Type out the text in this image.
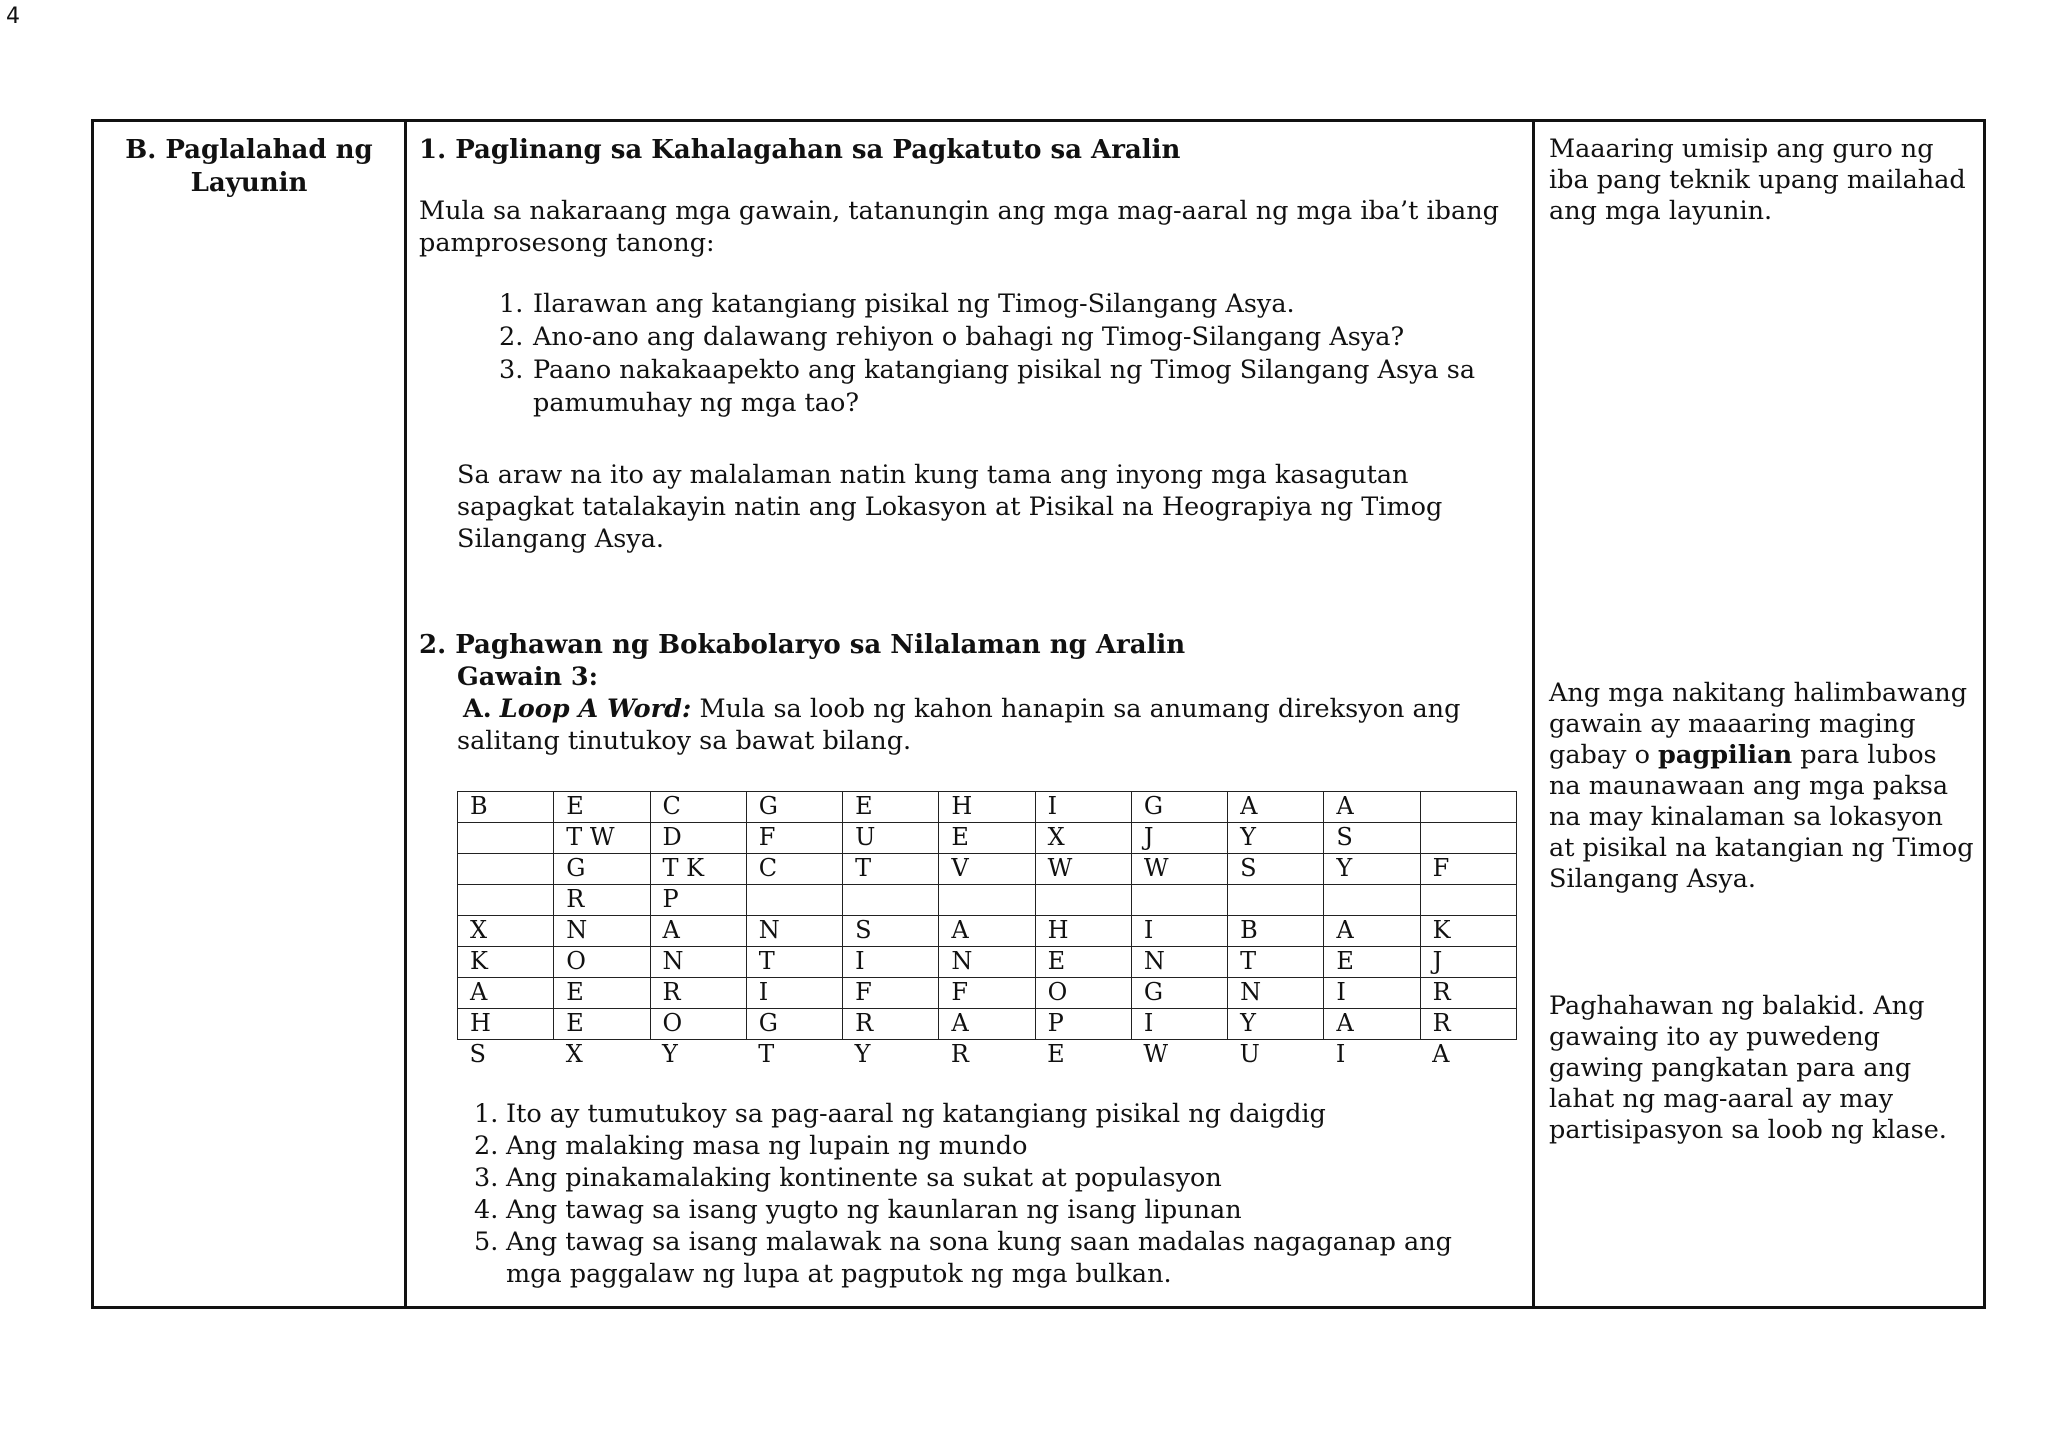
4
B. Paglalahad ng
Layunin
1. Paglinang sa Kahalagahan sa Pagkatuto sa Aralin
Mula sa nakaraang mga gawain, tatanungin ang mga mag-aaral ng mga iba’t ibang pamprosesong tanong:
1. Ilarawan ang katangiang pisikal ng Timog-Silangang Asya.
2. Ano-ano ang dalawang rehiyon o bahagi ng Timog-Silangang Asya?
3. Paano nakakaapekto ang katangiang pisikal ng Timog Silangang Asya sa pamumuhay ng mga tao?
Sa araw na ito ay malalaman natin kung tama ang inyong mga kasagutan sapagkat tatalakayin natin ang Lokasyon at Pisikal na Heograpiya ng Timog Silangang Asya.
2. Paghawan ng Bokabolaryo sa Nilalaman ng Aralin
Gawain 3:
A. Loop A Word: Mula sa loob ng kahon hanapin sa anumang direksyon ang salitang tinutukoy sa bawat bilang.
B	E	C	G	E	H	I	G	A	A	
	T W	D	F	U	E	X	J	Y	S	
	G	T K	C	T	V	W	W	S	Y	F
	R	P								
X	N	A	N	S	A	H	I	B	A	K
K	O	N	T	I	N	E	N	T	E	J
A	E	R	I	F	F	O	G	N	I	R
H	E	O	G	R	A	P	I	Y	A	R
S	X	Y	T	Y	R	E	W	U	I	A
1. Ito ay tumutukoy sa pag-aaral ng katangiang pisikal ng daigdig
2. Ang malaking masa ng lupain ng mundo
3. Ang pinakamalaking kontinente sa sukat at populasyon
4. Ang tawag sa isang yugto ng kaunlaran ng isang lipunan
5. Ang tawag sa isang malawak na sona kung saan madalas nagaganap ang mga paggalaw ng lupa at pagputok ng mga bulkan.
Maaaring umisip ang guro ng iba pang teknik upang mailahad ang mga layunin.
Ang mga nakitang halimbawang gawain ay maaaring maging gabay o pagpilian para lubos na maunawaan ang mga paksa na may kinalaman sa lokasyon at pisikal na katangian ng Timog Silangang Asya.
Paghahawan ng balakid. Ang gawaing ito ay puwedeng gawing pangkatan para ang lahat ng mag-aaral ay may partisipasyon sa loob ng klase.
